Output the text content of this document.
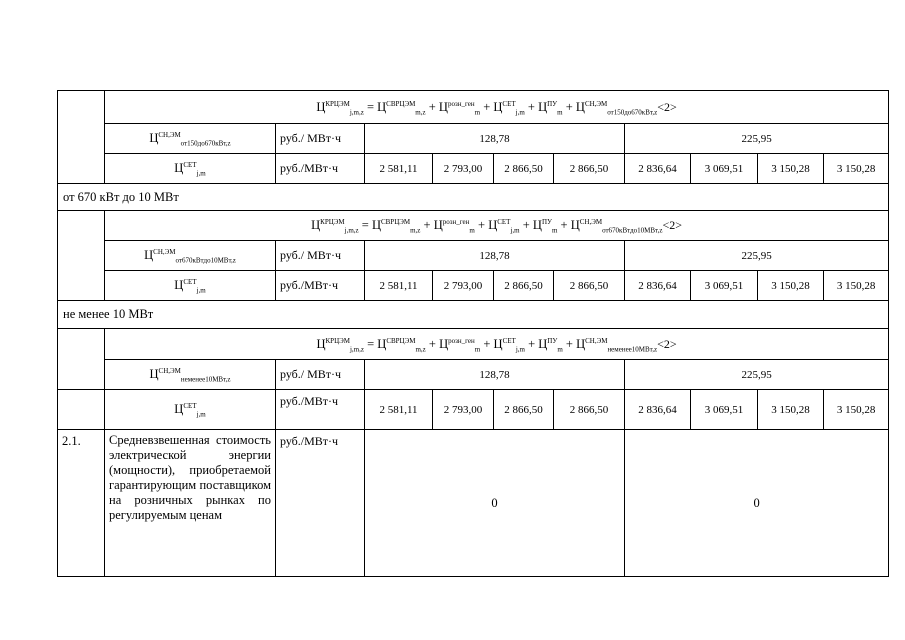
	$Ц^{КРЦЭМ}_{j,m,z} = Ц^{СВРЦЭМ}_{m,z} + Ц^{розн\_ген}_m + Ц^{СЕТ}_{j,m} + Ц^{ПУ}_m + Ц^{СН,ЭМ}_{от150до670кВт,z}<2>$									
	$Ц^{СН,ЭМ}_{от150до670кВт,z}$	руб./ МВт·ч	128,78				225,95			
	$Ц^{СЕТ}_{j,m}$	руб./МВт·ч	2 581,11	2 793,00	2 866,50	2 866,50	2 836,64	3 069,51	3 150,28	3 150,28
от 670 кВт до 10 МВт										
	$Ц^{КРЦЭМ}_{j,m,z} = Ц^{СВРЦЭМ}_{m,z} + Ц^{розн\_ген}_m + Ц^{СЕТ}_{j,m} + Ц^{ПУ}_m + Ц^{СН,ЭМ}_{от670кВтдо10МВт,z}<2>$									
	$Ц^{СН,ЭМ}_{от670кВтдо10МВт,z}$	руб./ МВт·ч	128,78				225,95			
	$Ц^{СЕТ}_{j,m}$	руб./МВт·ч	2 581,11	2 793,00	2 866,50	2 866,50	2 836,64	3 069,51	3 150,28	3 150,28
не менее 10 МВт										
	$Ц^{КРЦЭМ}_{j,m,z} = Ц^{СВРЦЭМ}_{m,z} + Ц^{розн\_ген}_m + Ц^{СЕТ}_{j,m} + Ц^{ПУ}_m + Ц^{СН,ЭМ}_{неменее10МВт,z}<2>$									
	$Ц^{СН,ЭМ}_{неменее10МВт,z}$	руб./ МВт·ч	128,78				225,95			
	$Ц^{СЕТ}_{j,m}$	руб./МВт·ч	2 581,11	2 793,00	2 866,50	2 866,50	2 836,64	3 069,51	3 150,28	3 150,28
2.1.	Средневзвешенная стоимость электрической энергии (мощности), приобретаемой гарантирующим поставщиком на розничных рынках по регулируемым ценам	руб./МВт·ч	0				0			
